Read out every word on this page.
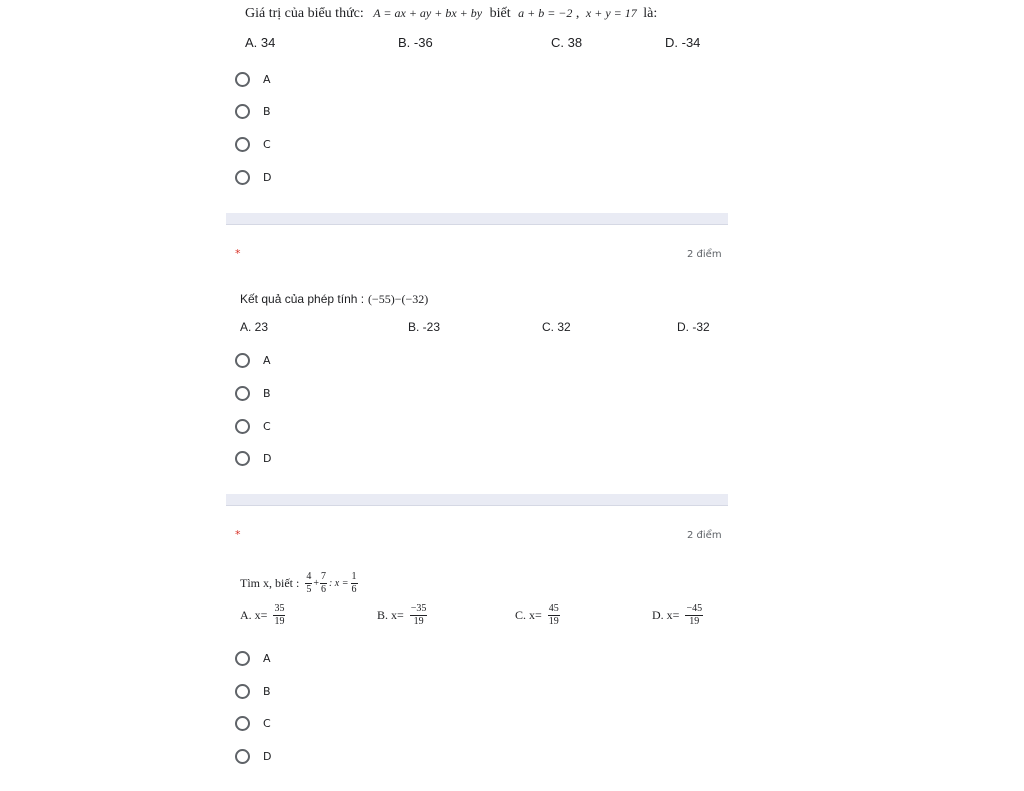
Giá trị của biểu thức: A = ax + ay + bx + by biết a + b = −2 , x + y = 17 là:
A. 34	B. -36	C. 38	D. -34
A
B
C
D
*	2 điểm
Kết quả của phép tính : (−55)−(−32)
A. 23	B. -23	C. 32	D. -32
A
B
C
D
*	2 điểm
Tìm x, biết : $\frac{4}{5} + \frac{7}{6}$ : $x = \frac{1}{6}$
A. $x= \frac{35}{19}$	B. $x= \frac{-35}{19}$	C. $x= \frac{45}{19}$	D. $x= \frac{-45}{19}$
A
B
C
D
